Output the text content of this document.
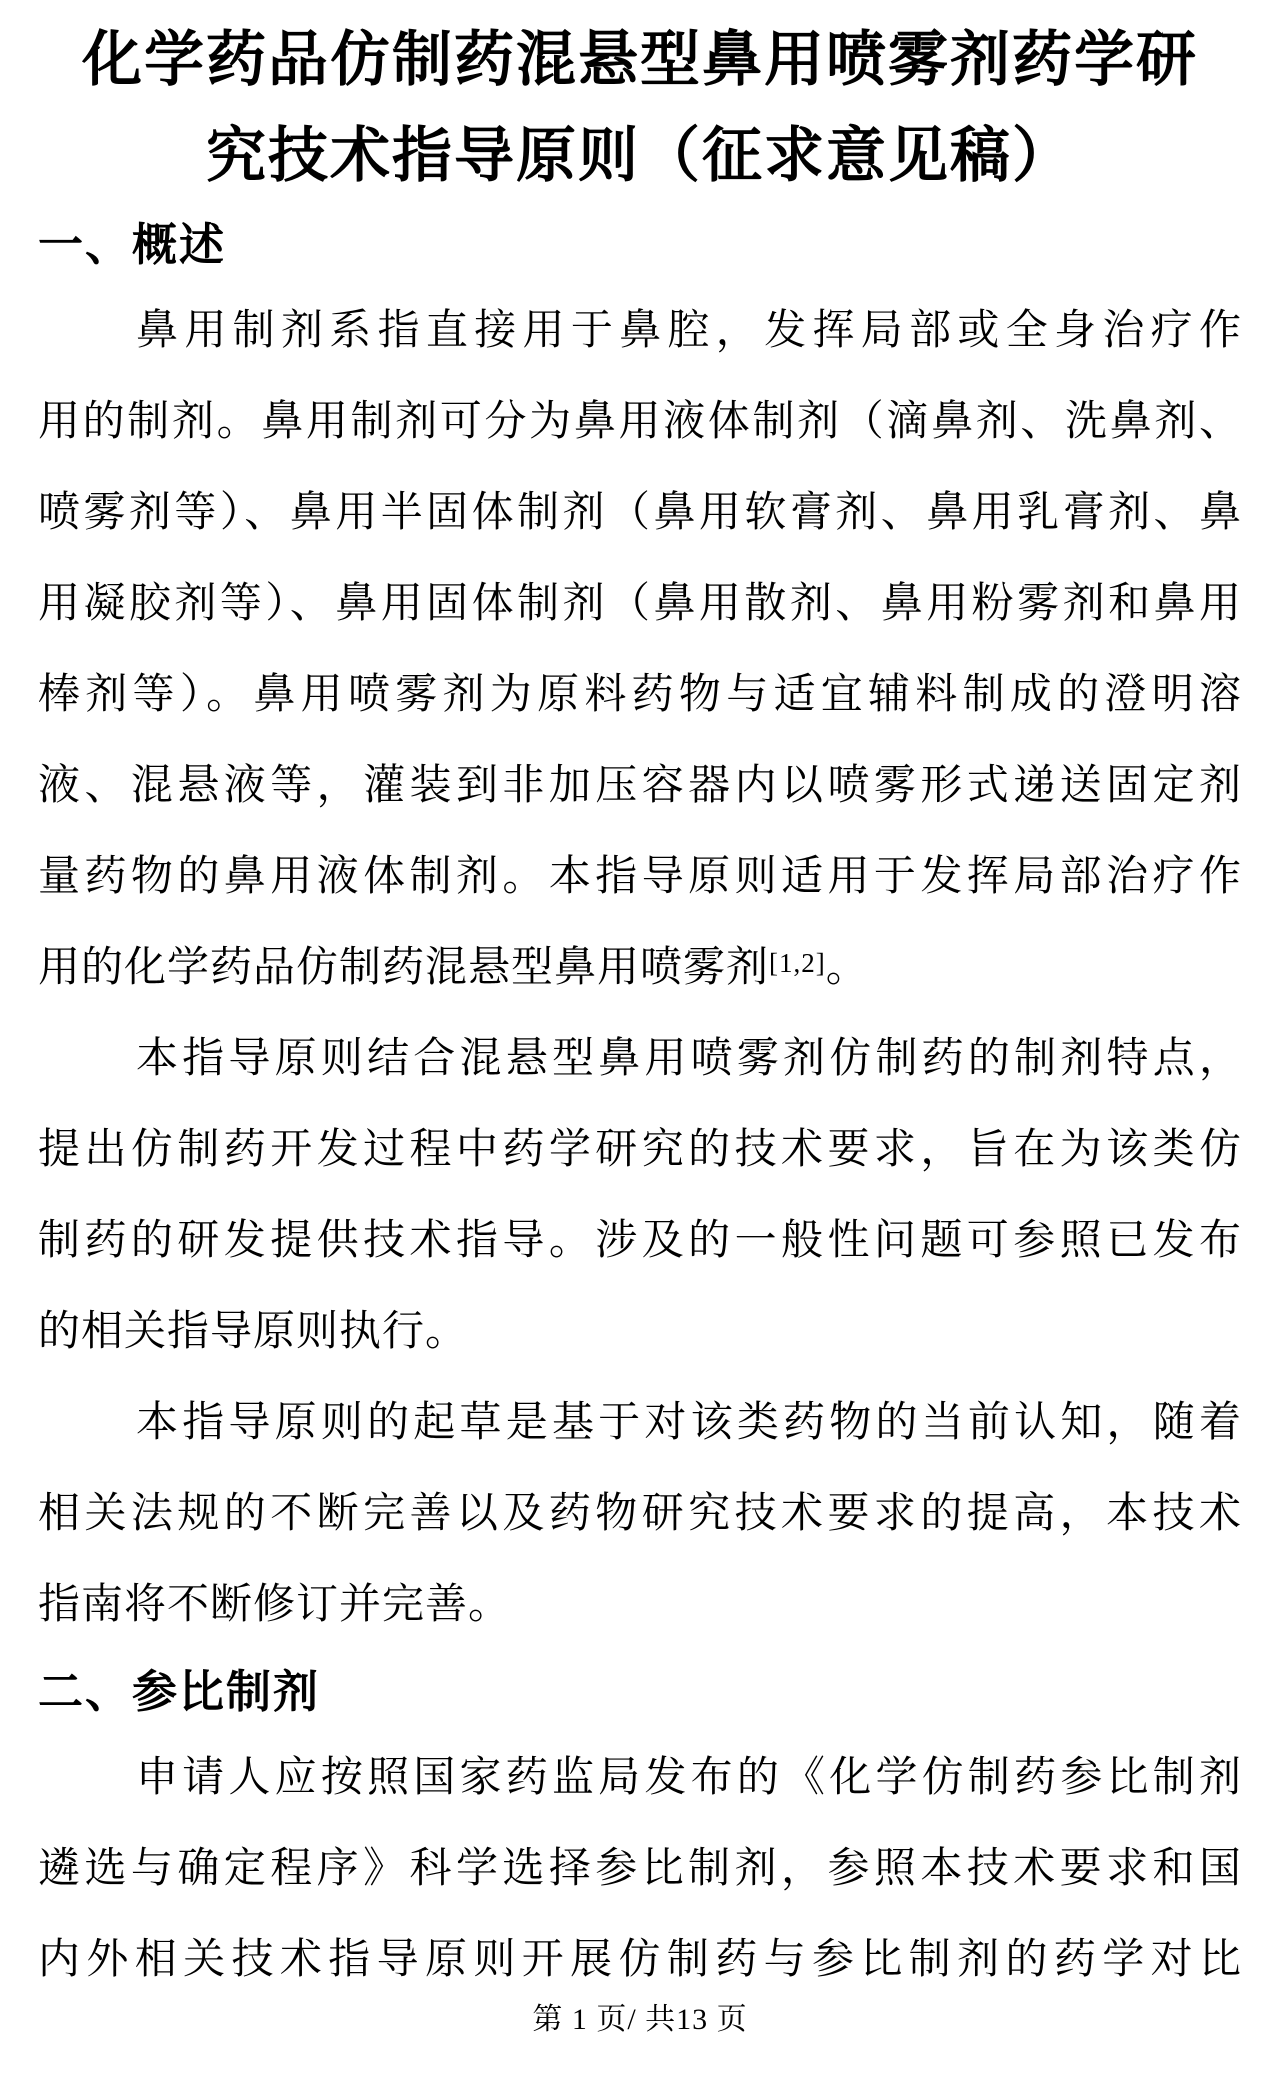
化学药品仿制药混悬型鼻用喷雾剂药学研
究技术指导原则（征求意见稿）
一、概述
鼻用制剂系指直接用于鼻腔，发挥局部或全身治疗作
用的制剂。鼻用制剂可分为鼻用液体制剂（滴鼻剂、洗鼻剂、
喷雾剂等）、鼻用半固体制剂（鼻用软膏剂、鼻用乳膏剂、鼻
用凝胶剂等）、鼻用固体制剂（鼻用散剂、鼻用粉雾剂和鼻用
棒剂等）。鼻用喷雾剂为原料药物与适宜辅料制成的澄明溶
液、混悬液等，灌装到非加压容器内以喷雾形式递送固定剂
量药物的鼻用液体制剂。本指导原则适用于发挥局部治疗作
用的化学药品仿制药混悬型鼻用喷雾剂[1,2]。
本指导原则结合混悬型鼻用喷雾剂仿制药的制剂特点，
提出仿制药开发过程中药学研究的技术要求，旨在为该类仿
制药的研发提供技术指导。涉及的一般性问题可参照已发布
的相关指导原则执行。
本指导原则的起草是基于对该类药物的当前认知，随着
相关法规的不断完善以及药物研究技术要求的提高，本技术
指南将不断修订并完善。
二、参比制剂
申请人应按照国家药监局发布的《化学仿制药参比制剂
遴选与确定程序》科学选择参比制剂，参照本技术要求和国
内外相关技术指导原则开展仿制药与参比制剂的药学对比
第 1 页/ 共13 页
